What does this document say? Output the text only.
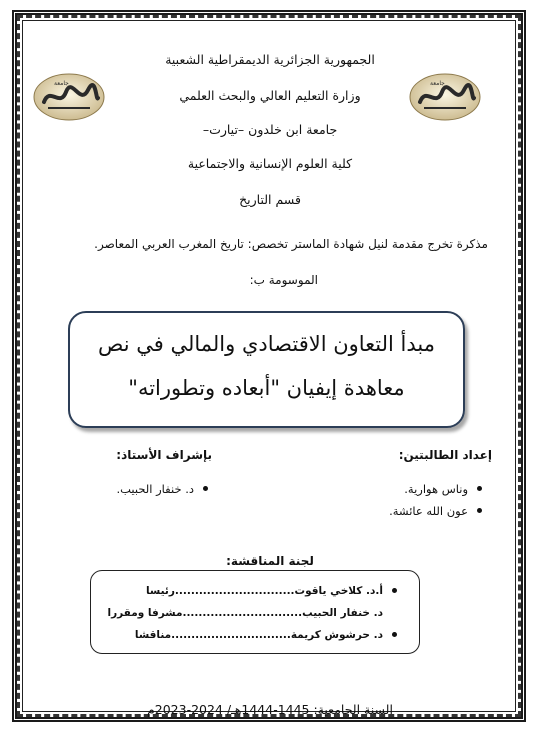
جامعة	جامعة
الجمهورية الجزائرية الديمقراطية الشعبية
وزارة التعليم العالي والبحث العلمي
جامعة ابن خلدون –تيارت–
كلية العلوم الإنسانية والاجتماعية
قسم التاريخ
مذكرة تخرج مقدمة لنيل شهادة الماستر تخصص: تاريخ المغرب العربي المعاصر.
الموسومة ب:
مبدأ التعاون الاقتصادي والمالي في نص
معاهدة إيفيان "أبعاده وتطوراته"
إعداد الطالبتين:
وناس هوارية.
عون الله عائشة.
بإشراف الأستاذ:
د. خنفار الحبيب.
لجنة المناقشة:
أ.د. كلاخي ياقوت..............................رئيسا
د. خنفار الحبيب..............................مشرفا ومقررا
د. حرشوش كريمة..............................مناقشا
السنة الجامعية: 1445-1444هـ/ 2024-2023م
